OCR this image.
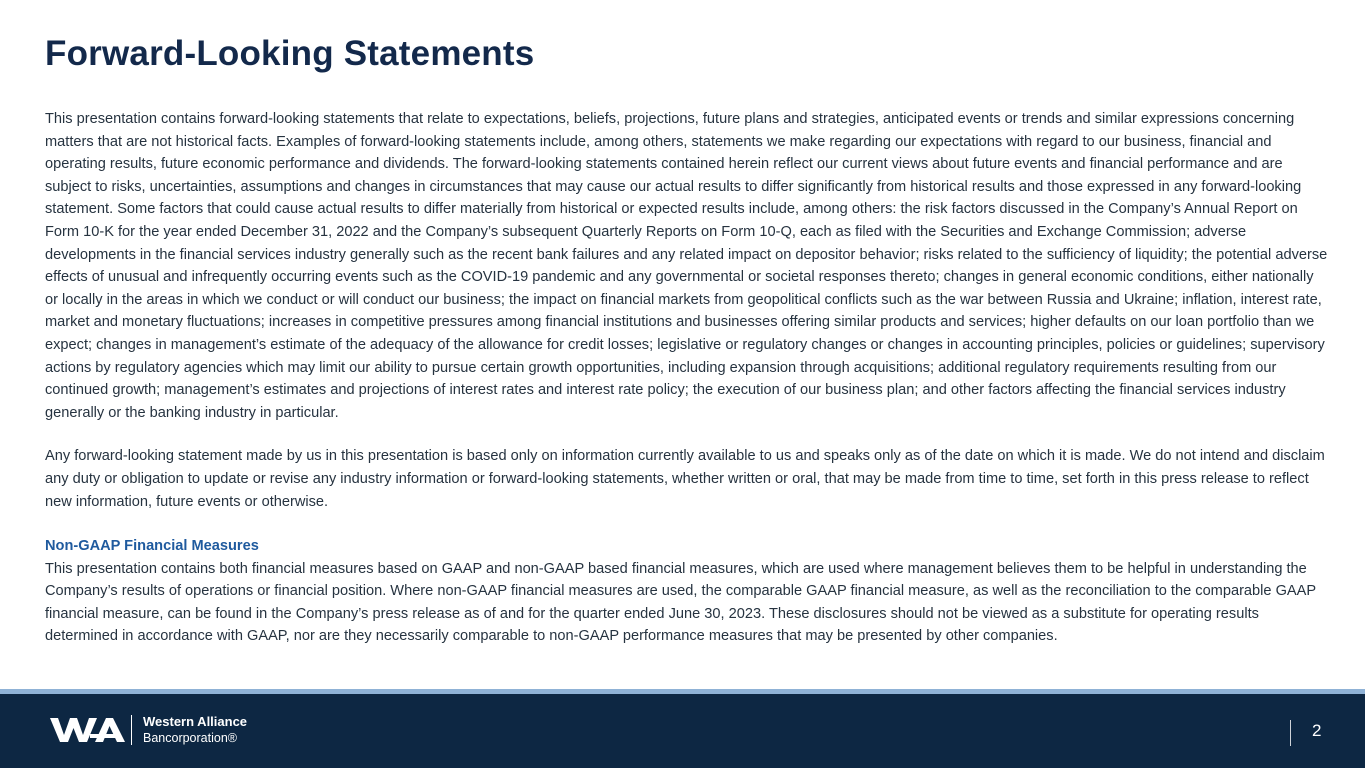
Forward-Looking Statements

This presentation contains forward-looking statements that relate to expectations, beliefs, projections, future plans and strategies, anticipated events or trends and similar expressions concerning matters that are not historical facts. Examples of forward-looking statements include, among others, statements we make regarding our expectations with regard to our business, financial and operating results, future economic performance and dividends. The forward-looking statements contained herein reflect our current views about future events and financial performance and are subject to risks, uncertainties, assumptions and changes in circumstances that may cause our actual results to differ significantly from historical results and those expressed in any forward-looking statement. Some factors that could cause actual results to differ materially from historical or expected results include, among others: the risk factors discussed in the Company’s Annual Report on Form 10-K for the year ended December 31, 2022 and the Company’s subsequent Quarterly Reports on Form 10-Q, each as filed with the Securities and Exchange Commission; adverse developments in the financial services industry generally such as the recent bank failures and any related impact on depositor behavior; risks related to the sufficiency of liquidity; the potential adverse effects of unusual and infrequently occurring events such as the COVID-19 pandemic and any governmental or societal responses thereto; changes in general economic conditions, either nationally or locally in the areas in which we conduct or will conduct our business; the impact on financial markets from geopolitical conflicts such as the war between Russia and Ukraine; inflation, interest rate, market and monetary fluctuations; increases in competitive pressures among financial institutions and businesses offering similar products and services; higher defaults on our loan portfolio than we expect; changes in management’s estimate of the adequacy of the allowance for credit losses; legislative or regulatory changes or changes in accounting principles, policies or guidelines; supervisory actions by regulatory agencies which may limit our ability to pursue certain growth opportunities, including expansion through acquisitions; additional regulatory requirements resulting from our continued growth; management’s estimates and projections of interest rates and interest rate policy; the execution of our business plan; and other factors affecting the financial services industry generally or the banking industry in particular.

Any forward-looking statement made by us in this presentation is based only on information currently available to us and speaks only as of the date on which it is made. We do not intend and disclaim any duty or obligation to update or revise any industry information or forward-looking statements, whether written or oral, that may be made from time to time, set forth in this press release to reflect new information, future events or otherwise.

Non-GAAP Financial Measures

This presentation contains both financial measures based on GAAP and non-GAAP based financial measures, which are used where management believes them to be helpful in understanding the Company’s results of operations or financial position. Where non-GAAP financial measures are used, the comparable GAAP financial measure, as well as the reconciliation to the comparable GAAP financial measure, can be found in the Company’s press release as of and for the quarter ended June 30, 2023. These disclosures should not be viewed as a substitute for operating results determined in accordance with GAAP, nor are they necessarily comparable to non-GAAP performance measures that may be presented by other companies.

Western Alliance
Bancorporation®	2
